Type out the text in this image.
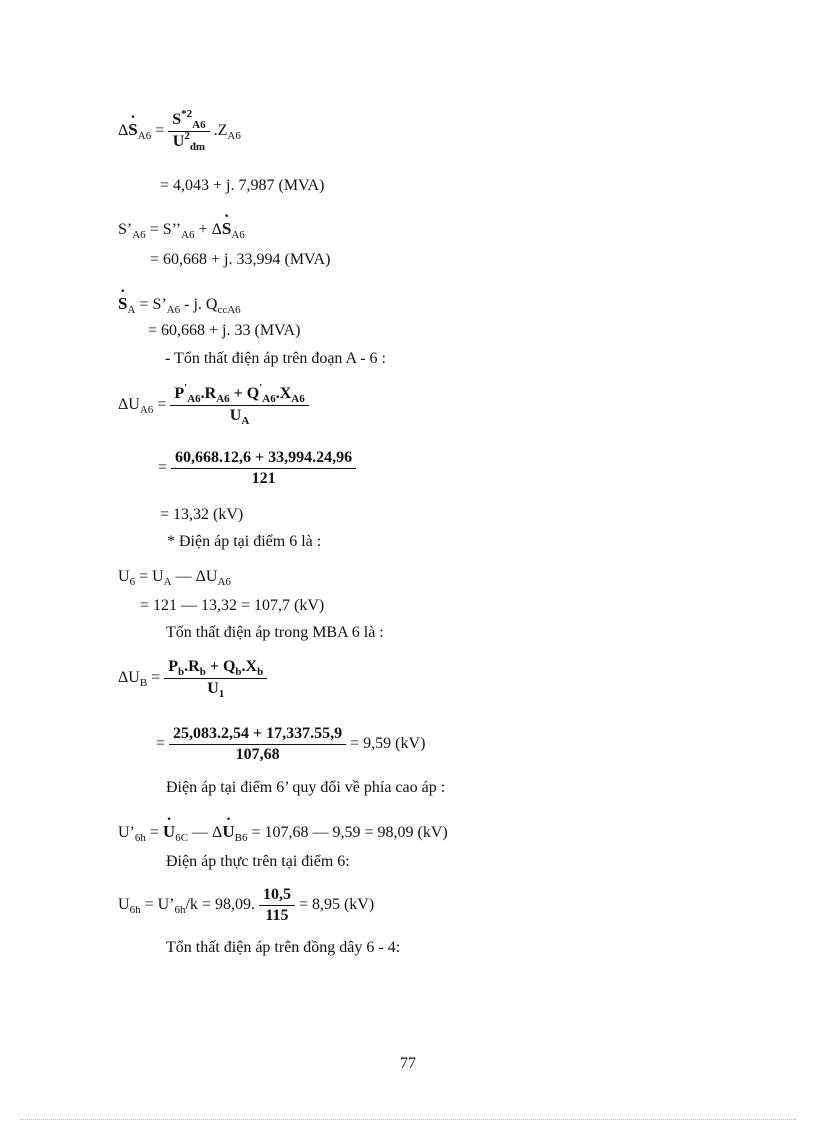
$\Delta\cdot S_{A6} = \frac{S^{*2}_{A6}}{U^2_{đm}} .Z_{A6}$
= 4,043 + j. 7,987 (MVA)
$S’_{A6}$ = $S’’_{A6} + \Delta\cdot S_{A6}$
= 60,668 + j. 33,994 (MVA)
· $S_A$ = $S’_{A6}$ - j. $Q_{ccA6}$
= 60,668 + j. 33 (MVA)
- Tổn thất điện áp trên đoạn A - 6 :
$\Delta U_{A6} = \frac{P'_{A6}.R_{A6} + Q'_{A6}.X_{A6}}{U_A}$
= $\frac{60,668.12,6 + 33,994.24,96}{121}$
= 13,32 (kV)
* Điện áp tại điểm 6 là :
$U_6 = U_A$ — $\Delta U_{A6}$
= 121 — 13,32 = 107,7 (kV)
Tổn thất điện áp trong MBA 6 là :
$\Delta U_B = \frac{P_b.R_b + Q_b.X_b}{U_1}$
= $\frac{25,083.2,54 + 17,337.55,9}{107,68} = 9,59$ (kV)
Điện áp tại điểm 6’ quy đổi về phía cao áp :
$U’_{6h}$ = · $U_{6C}$ — $\Delta\cdot U_{B6} = 107,68$ — 9,59 = 98,09 (kV)
Điện áp thực trên tại điểm 6:
$U_{6h}$ = $U’_{6h}/k = 98,09$. $\frac{10,5}{115} = 8,95$ (kV)
Tổn thất điện áp trên đồng dây 6 - 4:
77
